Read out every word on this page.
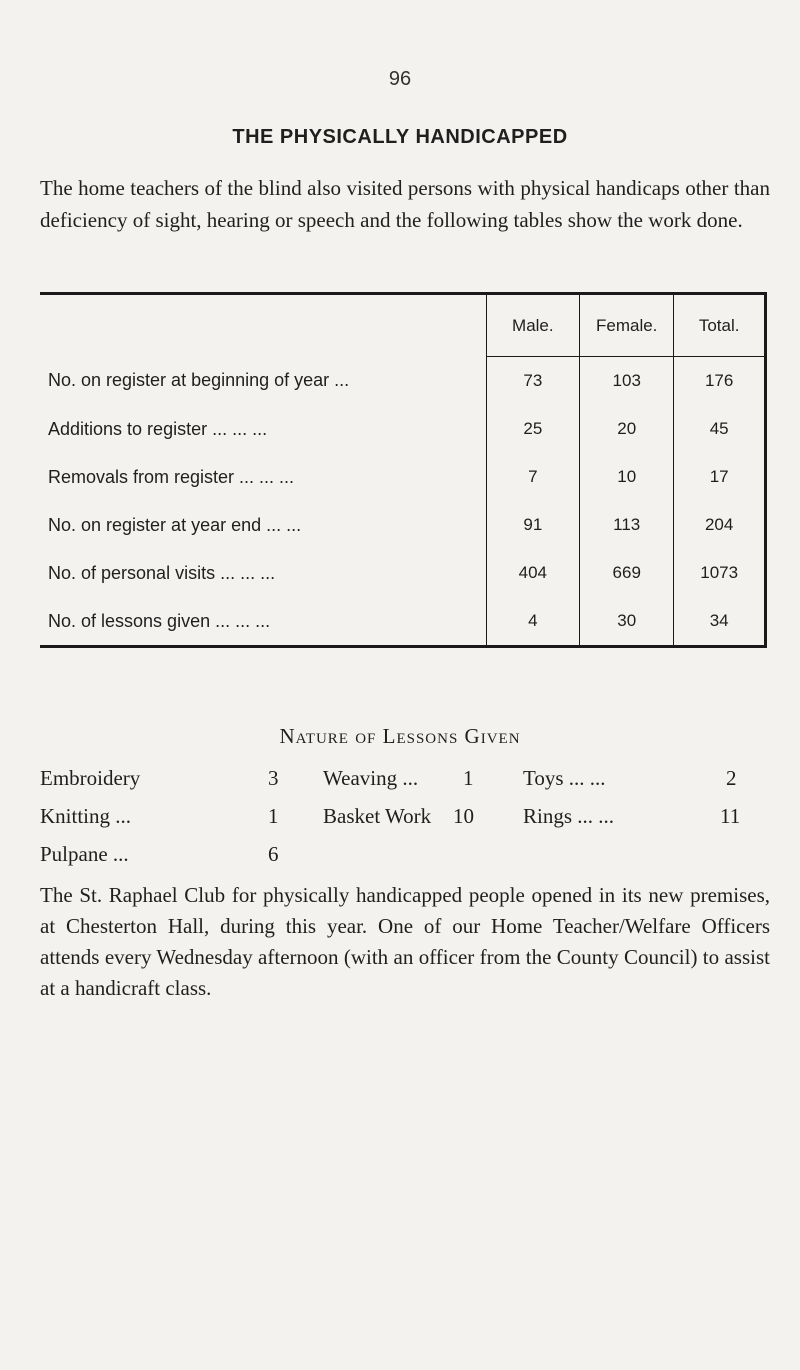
96
THE PHYSICALLY HANDICAPPED

The home teachers of the blind also visited persons with physical handicaps other than deficiency of sight, hearing or speech and the following tables show the work done.

	Male.	Female.	Total.
No. on register at beginning of year ...	73	103	176
Additions to register ... ... ...	25	20	45
Removals from register ... ... ...	7	10	17
No. on register at year end ... ...	91	113	204
No. of personal visits ... ... ...	404	669	1073
No. of lessons given ... ... ...	4	30	34
Nature of Lessons Given
Embroidery	3 Weaving ... 1 Toys ... ...	2
Knitting ...	1 Basket Work 10 Rings ... ...	11
Pulpane ...	6

The St. Raphael Club for physically handicapped people opened in its new premises, at Chesterton Hall, during this year. One of our Home Teacher/Welfare Officers attends every Wednesday afternoon (with an officer from the County Council) to assist at a handicraft class.
